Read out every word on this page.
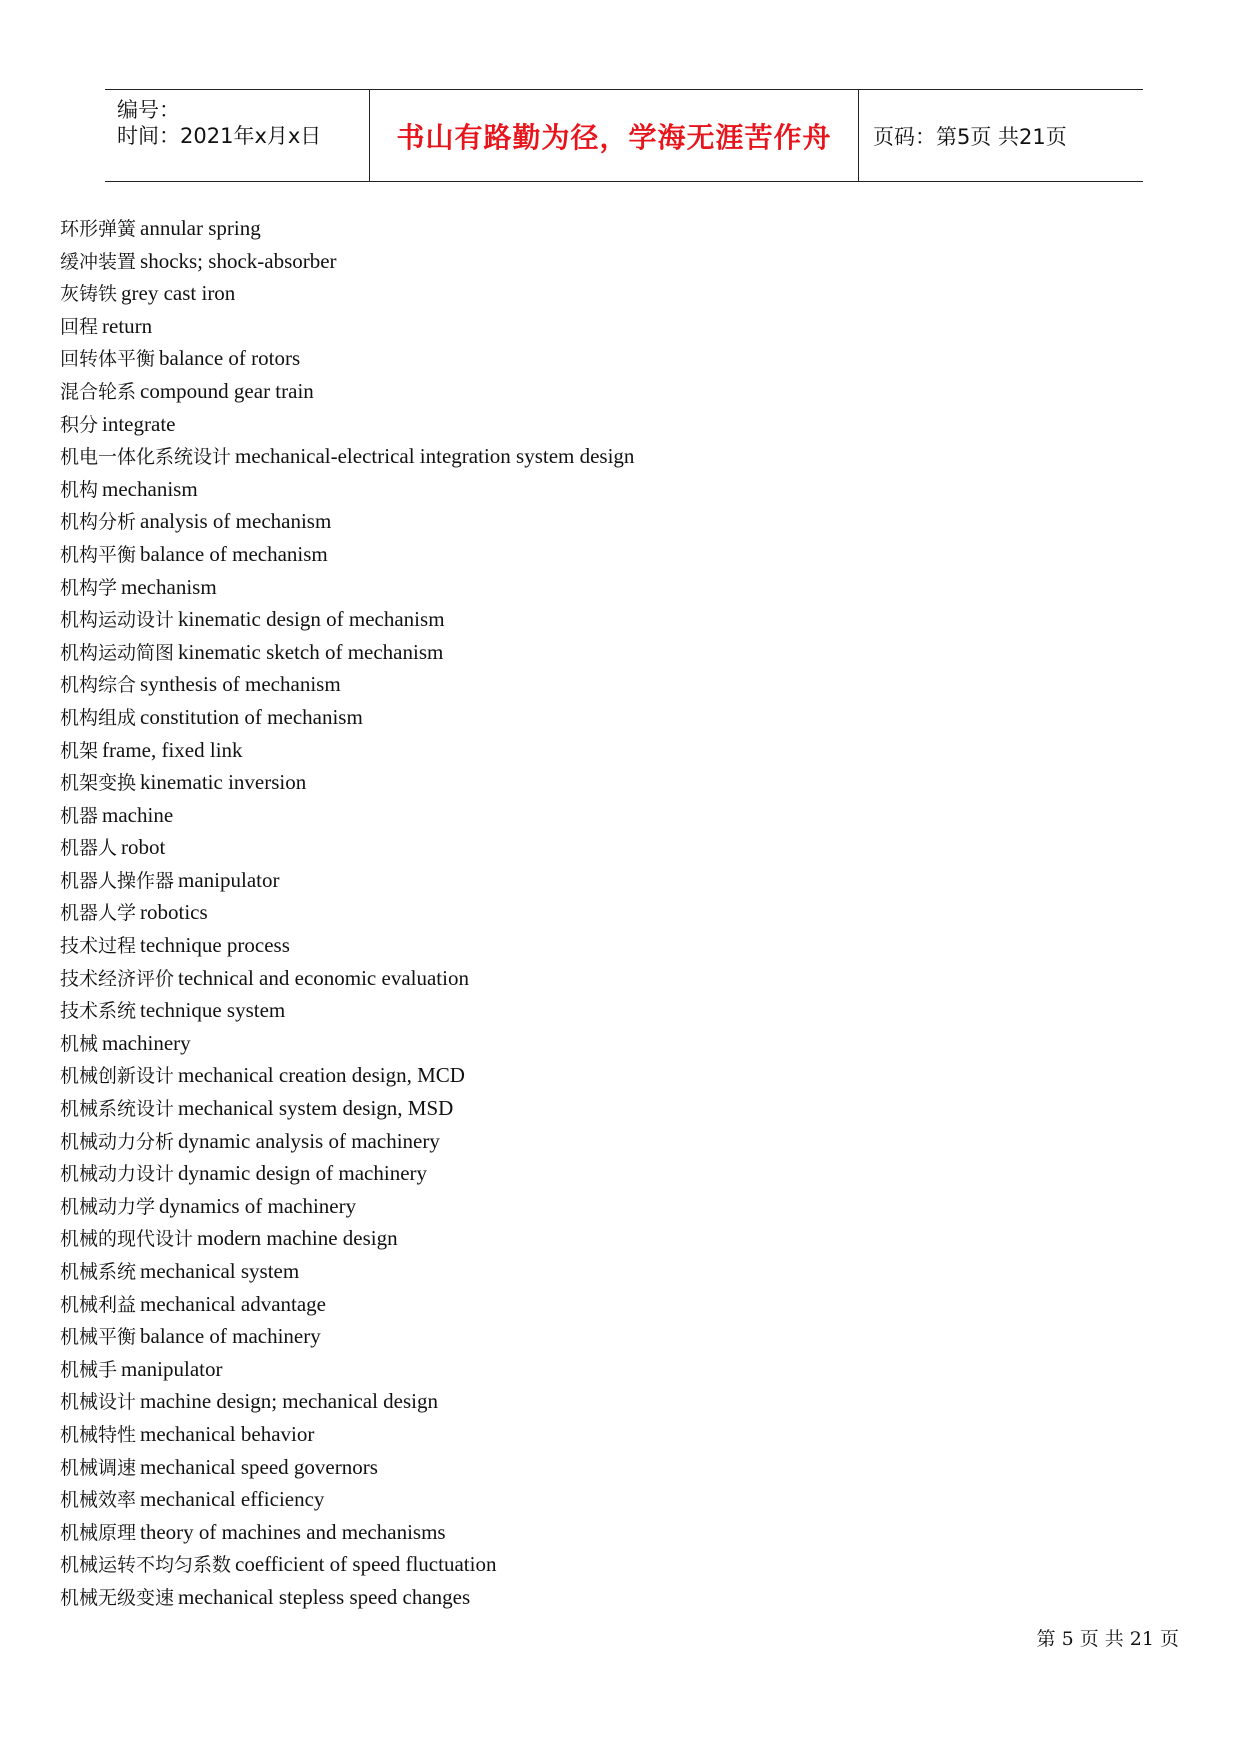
编号：
时间：2021年x月x日	书山有路勤为径，学海无涯苦作舟 页码：第5页 共21页
环形弹簧 annular spring
缓冲装置 shocks; shock-absorber
灰铸铁 grey cast iron
回程 return
回转体平衡 balance of rotors
混合轮系 compound gear train
积分 integrate
机电一体化系统设计 mechanical-electrical integration system design
机构 mechanism
机构分析 analysis of mechanism
机构平衡 balance of mechanism
机构学 mechanism
机构运动设计 kinematic design of mechanism
机构运动简图 kinematic sketch of mechanism
机构综合 synthesis of mechanism
机构组成 constitution of mechanism
机架 frame, fixed link
机架变换 kinematic inversion
机器 machine
机器人 robot
机器人操作器 manipulator
机器人学 robotics
技术过程 technique process
技术经济评价 technical and economic evaluation
技术系统 technique system
机械 machinery
机械创新设计 mechanical creation design, MCD
机械系统设计 mechanical system design, MSD
机械动力分析 dynamic analysis of machinery
机械动力设计 dynamic design of machinery
机械动力学 dynamics of machinery
机械的现代设计 modern machine design
机械系统 mechanical system
机械利益 mechanical advantage
机械平衡 balance of machinery
机械手 manipulator
机械设计 machine design; mechanical design
机械特性 mechanical behavior
机械调速 mechanical speed governors
机械效率 mechanical efficiency
机械原理 theory of machines and mechanisms
机械运转不均匀系数 coefficient of speed fluctuation
机械无级变速 mechanical stepless speed changes
第 5 页 共 21 页
